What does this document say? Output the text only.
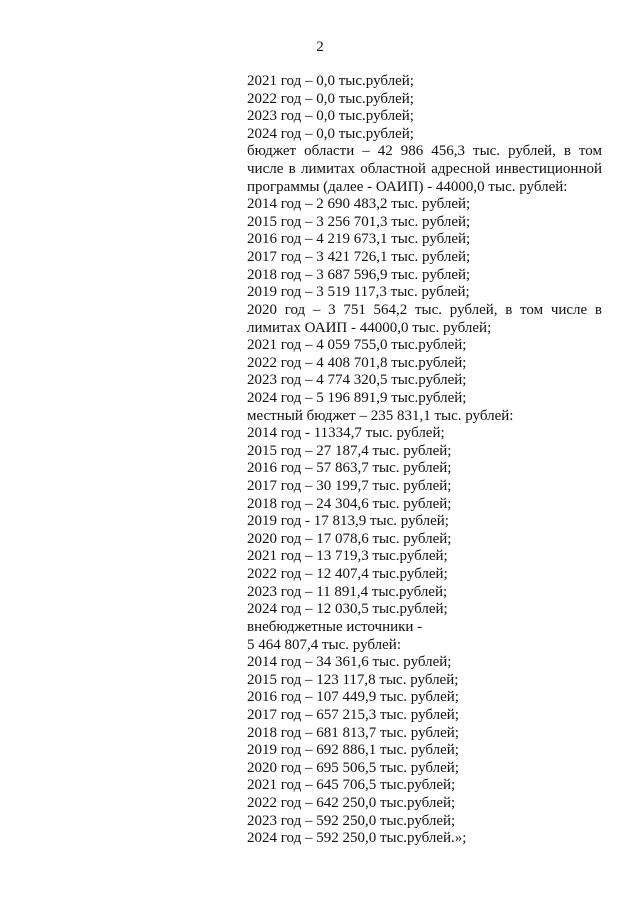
2
2021 год – 0,0 тыс.рублей;
2022 год – 0,0 тыс.рублей;
2023 год – 0,0 тыс.рублей;
2024 год – 0,0 тыс.рублей;
бюджет области – 42 986 456,3 тыс. рублей, в том
числе в лимитах областной адресной инвестиционной
программы (далее - ОАИП) - 44000,0 тыс. рублей:
2014 год – 2 690 483,2 тыс. рублей;
2015 год – 3 256 701,3 тыс. рублей;
2016 год – 4 219 673,1 тыс. рублей;
2017 год – 3 421 726,1 тыс. рублей;
2018 год – 3 687 596,9 тыс. рублей;
2019 год – 3 519 117,3 тыс. рублей;
2020 год – 3 751 564,2 тыс. рублей, в том числе в
лимитах ОАИП - 44000,0 тыс. рублей;
2021 год – 4 059 755,0 тыс.рублей;
2022 год – 4 408 701,8 тыс.рублей;
2023 год – 4 774 320,5 тыс.рублей;
2024 год – 5 196 891,9 тыс.рублей;
местный бюджет – 235 831,1 тыс. рублей:
2014 год - 11334,7 тыс. рублей;
2015 год – 27 187,4 тыс. рублей;
2016 год – 57 863,7 тыс. рублей;
2017 год – 30 199,7 тыс. рублей;
2018 год – 24 304,6 тыс. рублей;
2019 год - 17 813,9 тыс. рублей;
2020 год – 17 078,6 тыс. рублей;
2021 год – 13 719,3 тыс.рублей;
2022 год – 12 407,4 тыс.рублей;
2023 год – 11 891,4 тыс.рублей;
2024 год – 12 030,5 тыс.рублей;
внебюджетные источники -
5 464 807,4 тыс. рублей:
2014 год – 34 361,6 тыс. рублей;
2015 год – 123 117,8 тыс. рублей;
2016 год – 107 449,9 тыс. рублей;
2017 год – 657 215,3 тыс. рублей;
2018 год – 681 813,7 тыс. рублей;
2019 год – 692 886,1 тыс. рублей;
2020 год – 695 506,5 тыс. рублей;
2021 год – 645 706,5 тыс.рублей;
2022 год – 642 250,0 тыс.рублей;
2023 год – 592 250,0 тыс.рублей;
2024 год – 592 250,0 тыс.рублей.»;
